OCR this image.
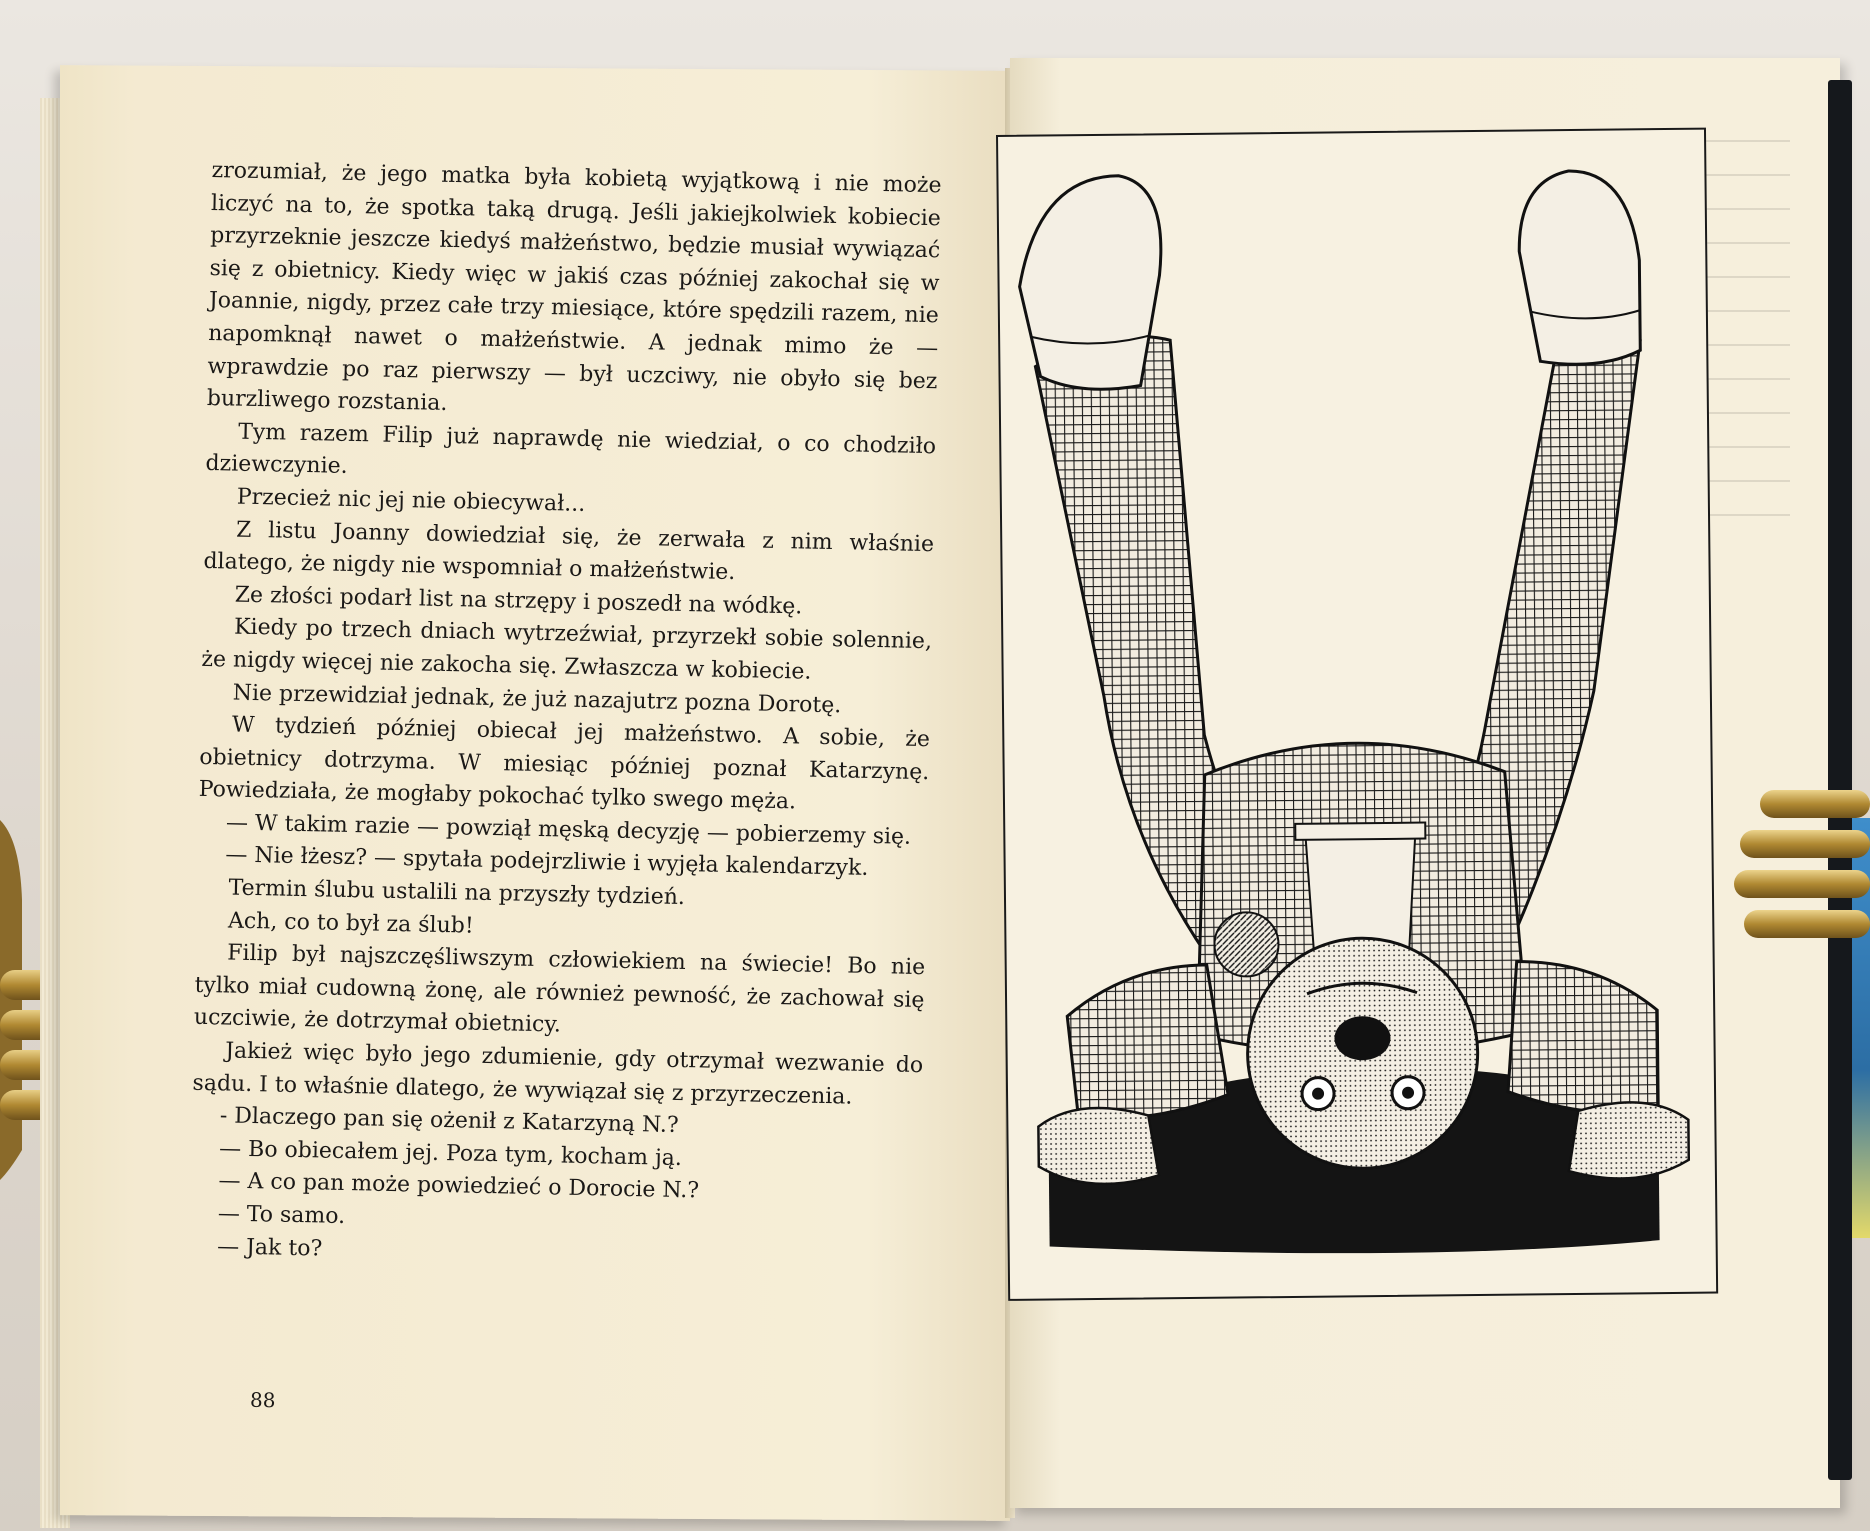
zrozumiał, że jego matka była kobietą wyjątkową i nie może liczyć na to, że spotka taką drugą. Jeśli jakiejkolwiek kobiecie przyrzeknie jeszcze kiedyś małżeństwo, będzie musiał wywiązać się z obietnicy. Kiedy więc w jakiś czas później zakochał się w Joannie, nigdy, przez całe trzy miesiące, które spędzili razem, nie napomknął nawet o małżeństwie. A jednak mimo że — wprawdzie po raz pierwszy — był uczciwy, nie obyło się bez burzliwego rozstania.

Tym razem Filip już naprawdę nie wiedział, o co chodziło dziewczynie.

Przecież nic jej nie obiecywał...

Z listu Joanny dowiedział się, że zerwała z nim właśnie dlatego, że nigdy nie wspomniał o małżeństwie.

Ze złości podarł list na strzępy i poszedł na wódkę.

Kiedy po trzech dniach wytrzeźwiał, przyrzekł sobie solennie, że nigdy więcej nie zakocha się. Zwłaszcza w kobiecie.

Nie przewidział jednak, że już nazajutrz pozna Dorotę.

W tydzień później obiecał jej małżeństwo. A sobie, że obietnicy dotrzyma. W miesiąc później poznał Katarzynę. Powiedziała, że mogłaby pokochać tylko swego męża.

— W takim razie — powziął męską decyzję — pobierzemy się.

— Nie łżesz? — spytała podejrzliwie i wyjęła kalendarzyk.

Termin ślubu ustalili na przyszły tydzień.

Ach, co to był za ślub!

Filip był najszczęśliwszym człowiekiem na świecie! Bo nie tylko miał cudowną żonę, ale również pewność, że zachował się uczciwie, że dotrzymał obietnicy.

Jakież więc było jego zdumienie, gdy otrzymał wezwanie do sądu. I to właśnie dlatego, że wywiązał się z przyrzeczenia.

- Dlaczego pan się ożenił z Katarzyną N.?

— Bo obiecałem jej. Poza tym, kocham ją.

— A co pan może powiedzieć o Dorocie N.?

— To samo.

— Jak to?

88
